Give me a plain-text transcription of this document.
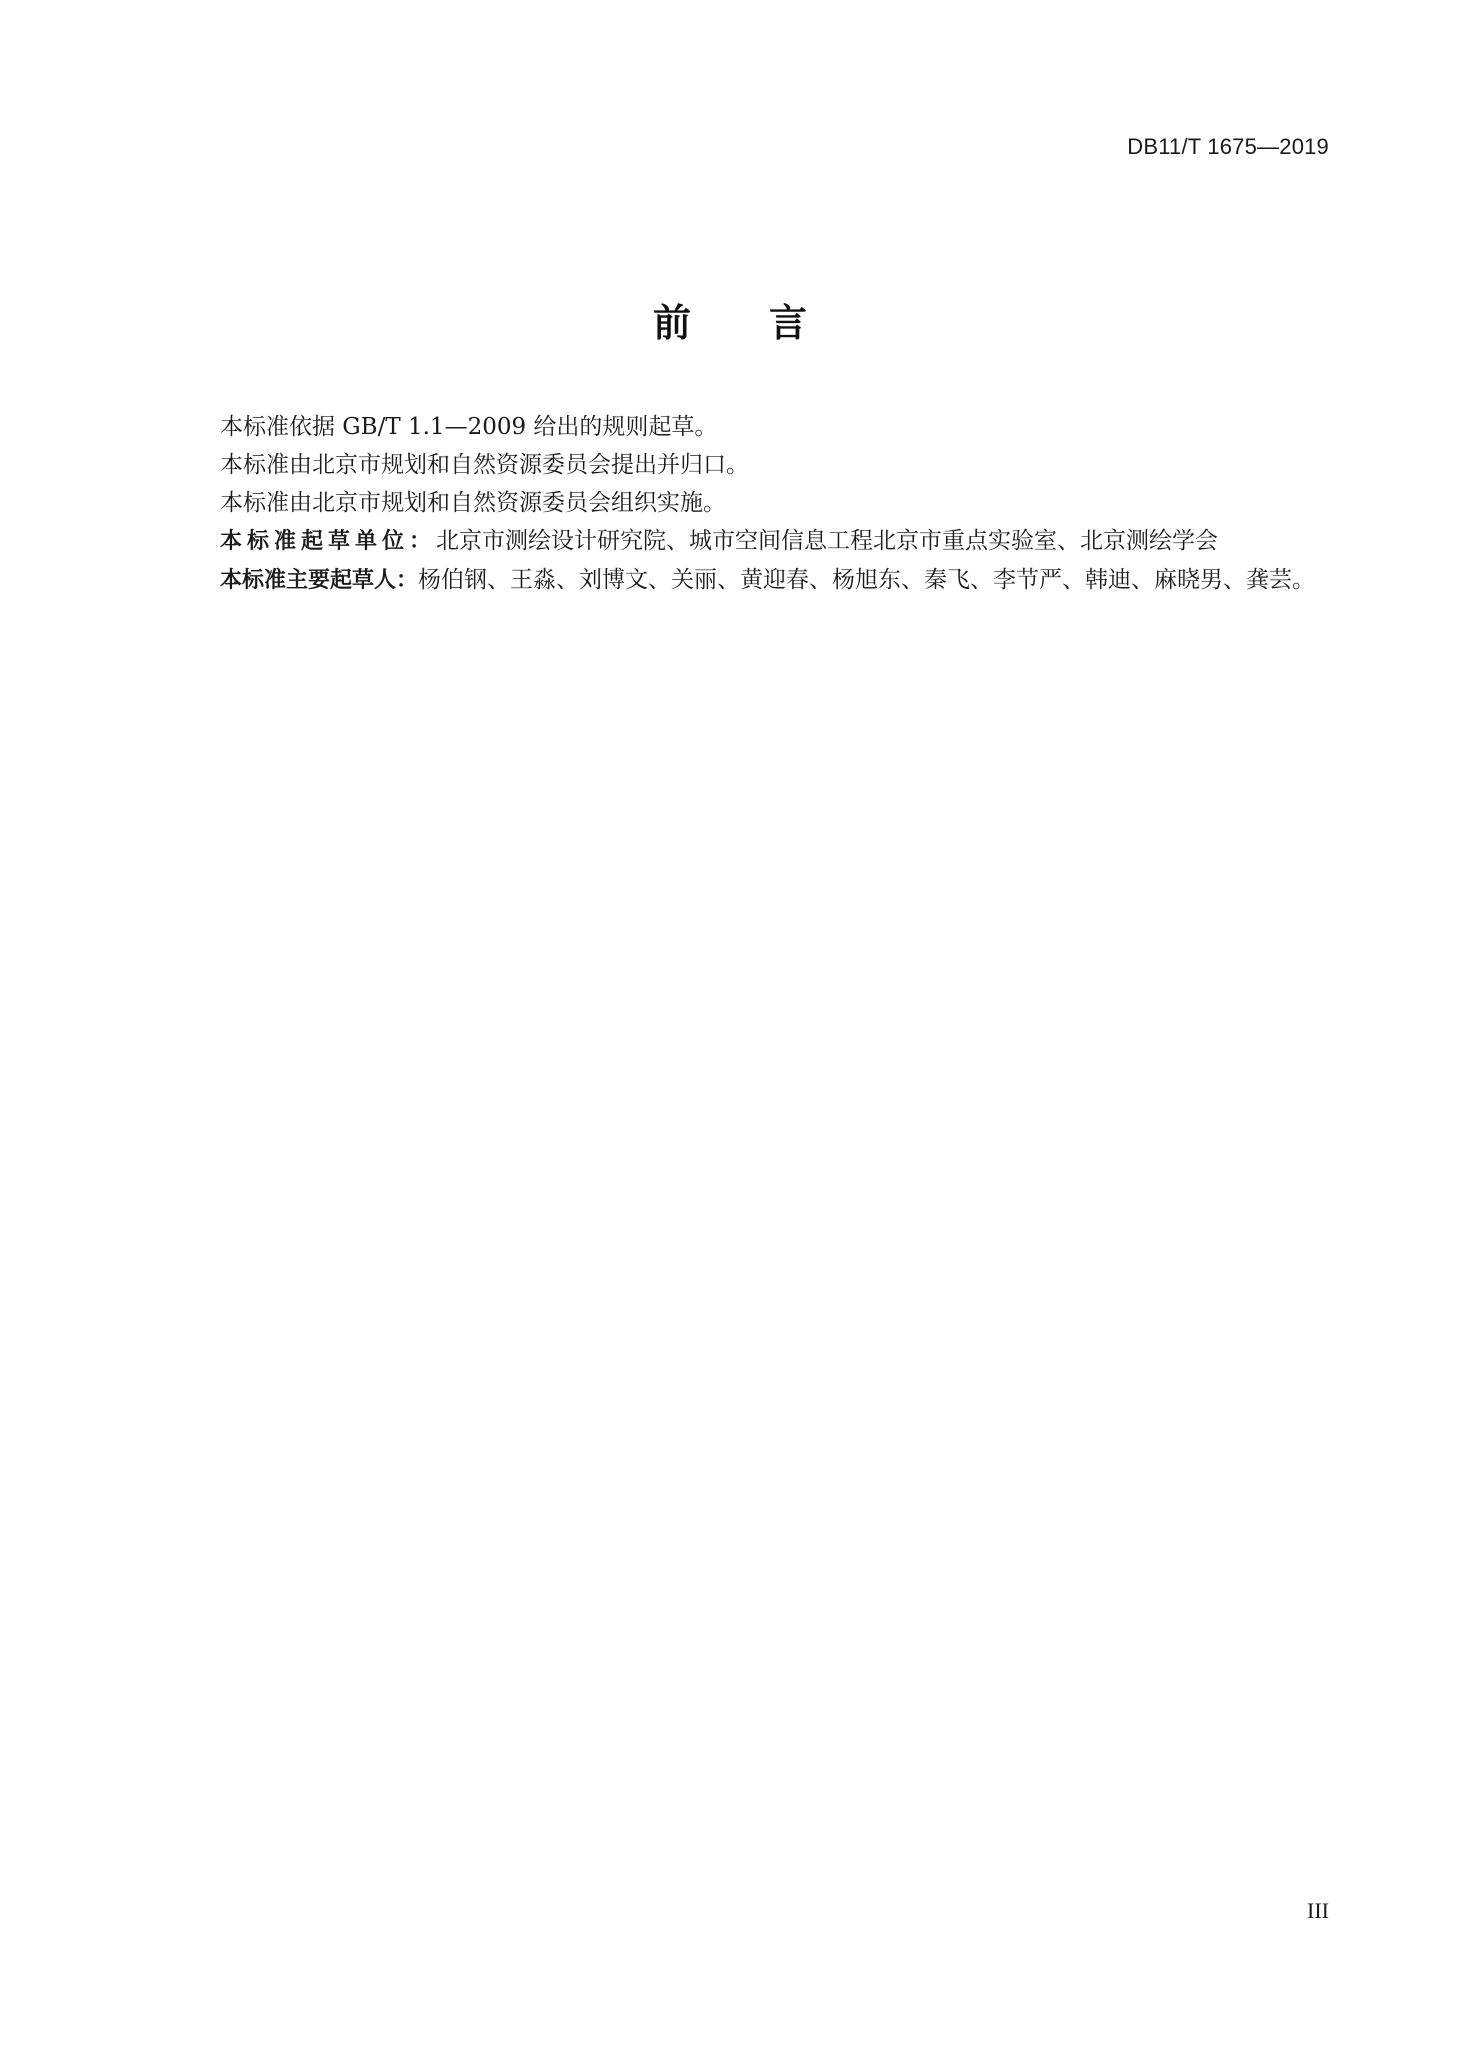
DB11/T 1675—2019
前言

本标准依据 GB/T 1.1—2009 给出的规则起草。

本标准由北京市规划和自然资源委员会提出并归口。

本标准由北京市规划和自然资源委员会组织实施。

本标准起草单位：北京市测绘设计研究院、城市空间信息工程北京市重点实验室、北京测绘学会

本标准主要起草人：杨伯钢、王淼、刘博文、关丽、黄迎春、杨旭东、秦飞、李节严、韩迪、麻晓男、龚芸。

III
